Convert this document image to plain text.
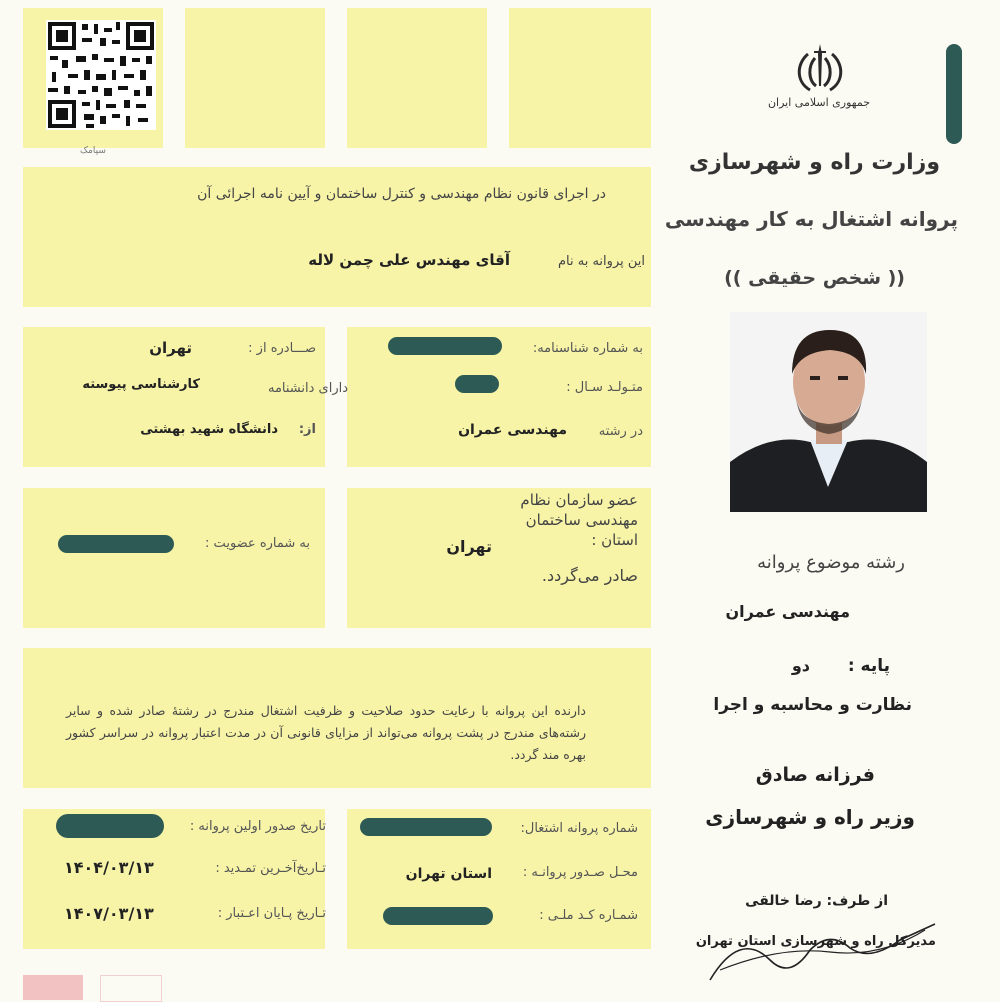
سپامک
جمهوری اسلامی ایران
وزارت راه و شهرسازی
پروانه اشتغال به کار مهندسی
(( شخص حقیقی ))
رشته موضوع پروانه
مهندسی عمران
پایه :
دو
نظارت و محاسبه و اجرا
فرزانه صادق
وزیر راه و شهرسازی
از طرف: رضا خالقی
مدیرکل راه و شهرسازی استان تهران
در اجرای قانون نظام مهندسی و کنترل ساختمان و آیین نامه اجرائی آن
این پروانه به نام
آقای مهندس علی چمن لاله
به شماره شناسنامه:
صـــادره از :
تهران
متـولـد سـال :
دارای دانشنامه
کارشناسی پیوسته
در رشته
مهندسی عمران
از:
دانشگاه شهید بهشتی
عضو سازمان نظام مهندسی ساختمان استان :
تهران
صادر می‌گردد.
به شماره عضویت :
دارنده این پروانه با رعایت حدود صلاحیت و ظرفیت اشتغال مندرج در رشتهٔ صادر شده و سایر رشته‌های مندرج در پشت پروانه می‌تواند از مزایای قانونی آن در مدت اعتبار پروانه در سراسر کشور بهره مند گردد.
شماره پروانه اشتغال:
تاریخ صدور اولین پروانه :
محـل صـدور پروانـه :
استان تهران
تـاریخ‌آخـرین تمـدید :
۱۴۰۴/۰۳/۱۳
شمـاره کـد ملـی :
تـاریخ پـایان اعـتبار :
۱۴۰۷/۰۳/۱۳
